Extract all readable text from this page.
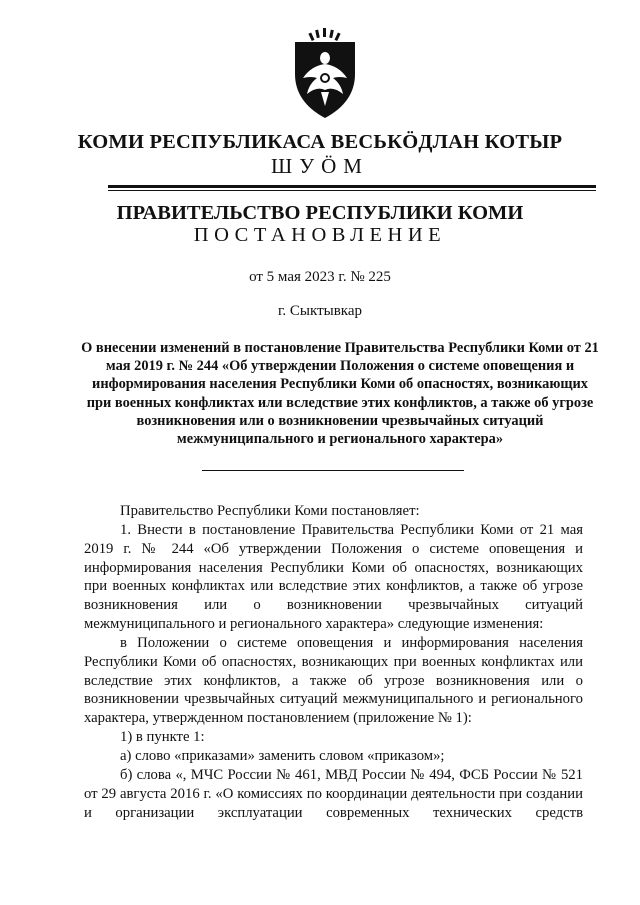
КОМИ РЕСПУБЛИКАСА ВЕСЬКӦДЛАН КОТЫР
ШУӦМ
ПРАВИТЕЛЬСТВО РЕСПУБЛИКИ КОМИ
ПОСТАНОВЛЕНИЕ
от 5 мая 2023 г. № 225
г. Сыктывкар
О внесении изменений в постановление Правительства Республики Коми от 21 мая 2019 г. № 244 «Об утверждении Положения о системе оповещения и информирования населения Республики Коми об опасностях, возникающих при военных конфликтах или вследствие этих конфликтов, а также об угрозе возникновения или о возникновении чрезвычайных ситуаций межмуниципального и регионального характера»

Правительство Республики Коми постановляет:

1. Внести в постановление Правительства Республики Коми от 21 мая 2019 г. № 244 «Об утверждении Положения о системе оповещения и информирования населения Республики Коми об опасностях, возникающих при военных конфликтах или вследствие этих конфликтов, а также об угрозе возникновения или о возникновении чрезвычайных ситуаций межмуниципального и регионального характера» следующие изменения:

в Положении о системе оповещения и информирования населения Республики Коми об опасностях, возникающих при военных конфликтах или вследствие этих конфликтов, а также об угрозе возникновения или о возникновении чрезвычайных ситуаций межмуниципального и регионального характера, утвержденном постановлением (приложение № 1):

1) в пункте 1:

а) слово «приказами» заменить словом «приказом»;

б) слова «, МЧС России № 461, МВД России № 494, ФСБ России № 521 от 29 августа 2016 г. «О комиссиях по координации деятельности при создании и организации эксплуатации современных технических средств
